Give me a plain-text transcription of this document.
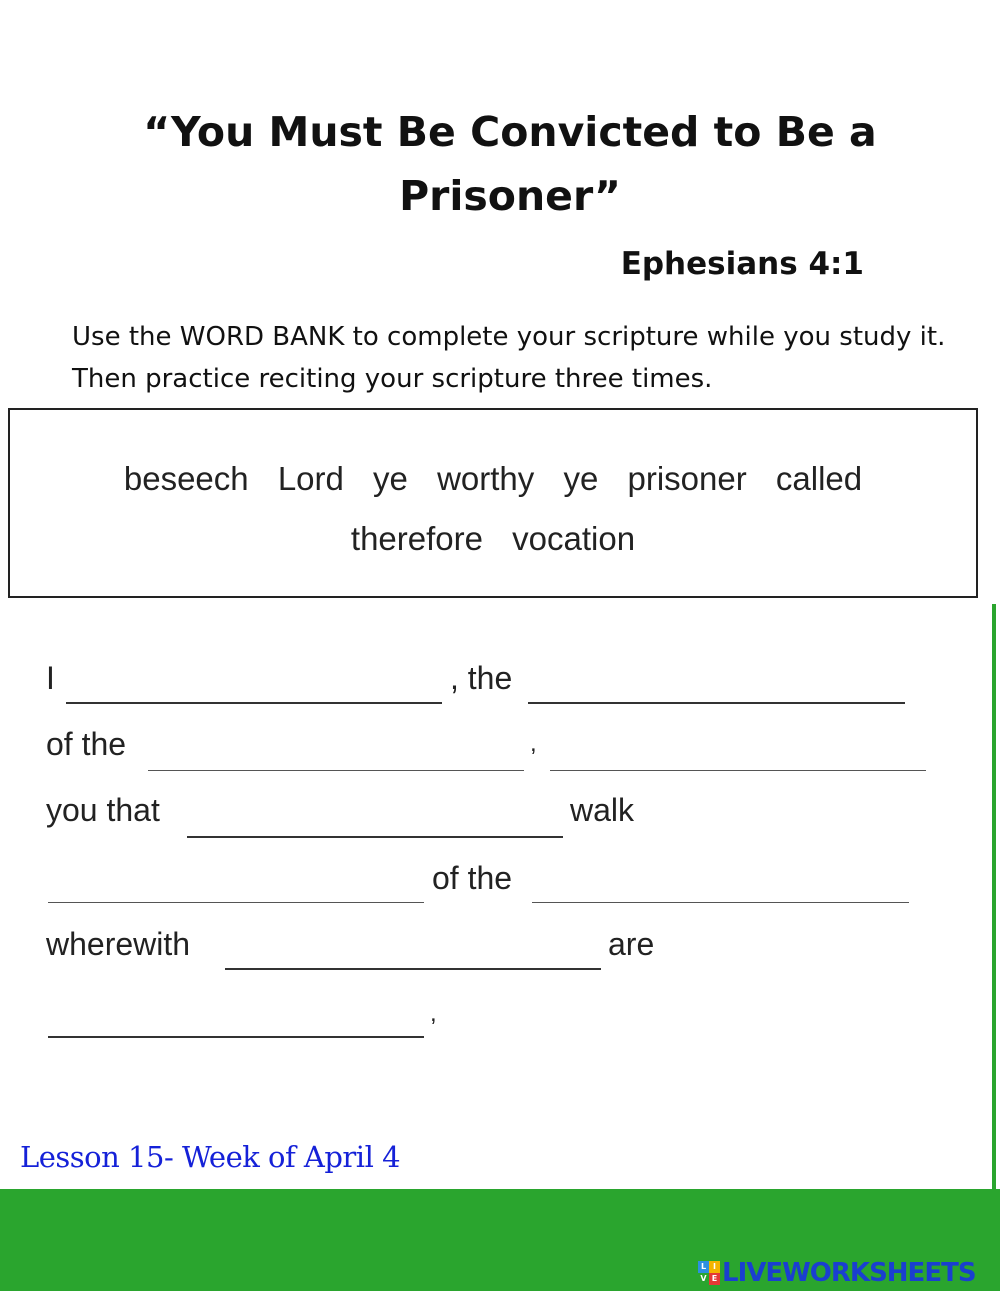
“You Must Be Convicted to Be a Prisoner”
Ephesians 4:1
Use the WORD BANK to complete your scripture while you study it. Then practice reciting your scripture three times.
beseech Lord ye worthy ye prisoner called
therefore vocation
I	, the
of the	,
you that	walk
of the
wherewith	are
,
Lesson 15- Week of April 4
L I
V E LIVEWORKSHEETS
